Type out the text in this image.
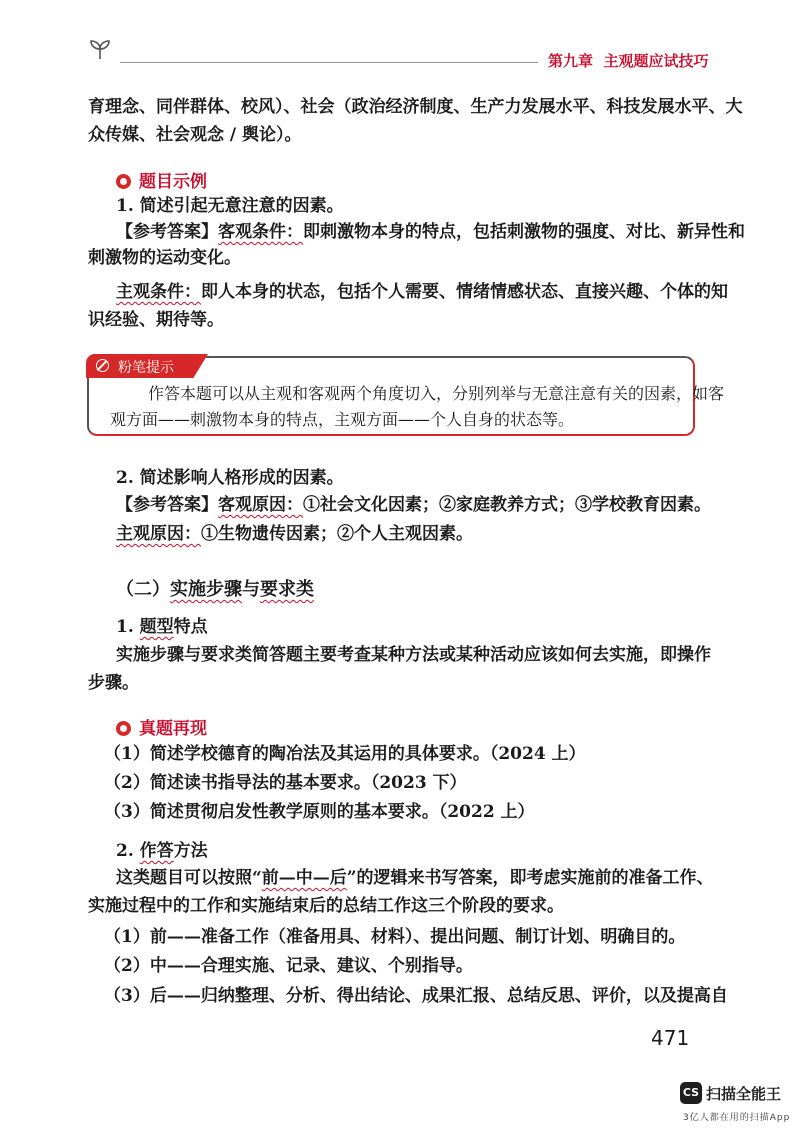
第九章 主观题应试技巧
育理念、同伴群体、校风）、社会（政治经济制度、生产力发展水平、科技发展水平、大
众传媒、社会观念 / 舆论）。
题目示例
1. 简述引起无意注意的因素。
【参考答案】客观条件：即刺激物本身的特点，包括刺激物的强度、对比、新异性和
刺激物的运动变化。
主观条件：即人本身的状态，包括个人需要、情绪情感状态、直接兴趣、个体的知
识经验、期待等。
粉笔提示
作答本题可以从主观和客观两个角度切入，分别列举与无意注意有关的因素，如客
观方面——刺激物本身的特点，主观方面——个人自身的状态等。
2. 简述影响人格形成的因素。
【参考答案】客观原因：①社会文化因素；②家庭教养方式；③学校教育因素。
主观原因：①生物遗传因素；②个人主观因素。
（二）实施步骤与要求类
1. 题型特点
实施步骤与要求类简答题主要考查某种方法或某种活动应该如何去实施，即操作
步骤。
真题再现
（1）简述学校德育的陶冶法及其运用的具体要求。（2024 上）
（2）简述读书指导法的基本要求。（2023 下）
（3）简述贯彻启发性教学原则的基本要求。（2022 上）
2. 作答方法
这类题目可以按照“前—中—后”的逻辑来书写答案，即考虑实施前的准备工作、
实施过程中的工作和实施结束后的总结工作这三个阶段的要求。
（1）前——准备工作（准备用具、材料）、提出问题、制订计划、明确目的。
（2）中——合理实施、记录、建议、个别指导。
（3）后——归纳整理、分析、得出结论、成果汇报、总结反思、评价，以及提高自
471
CS 扫描全能王
3亿人都在用的扫描App
